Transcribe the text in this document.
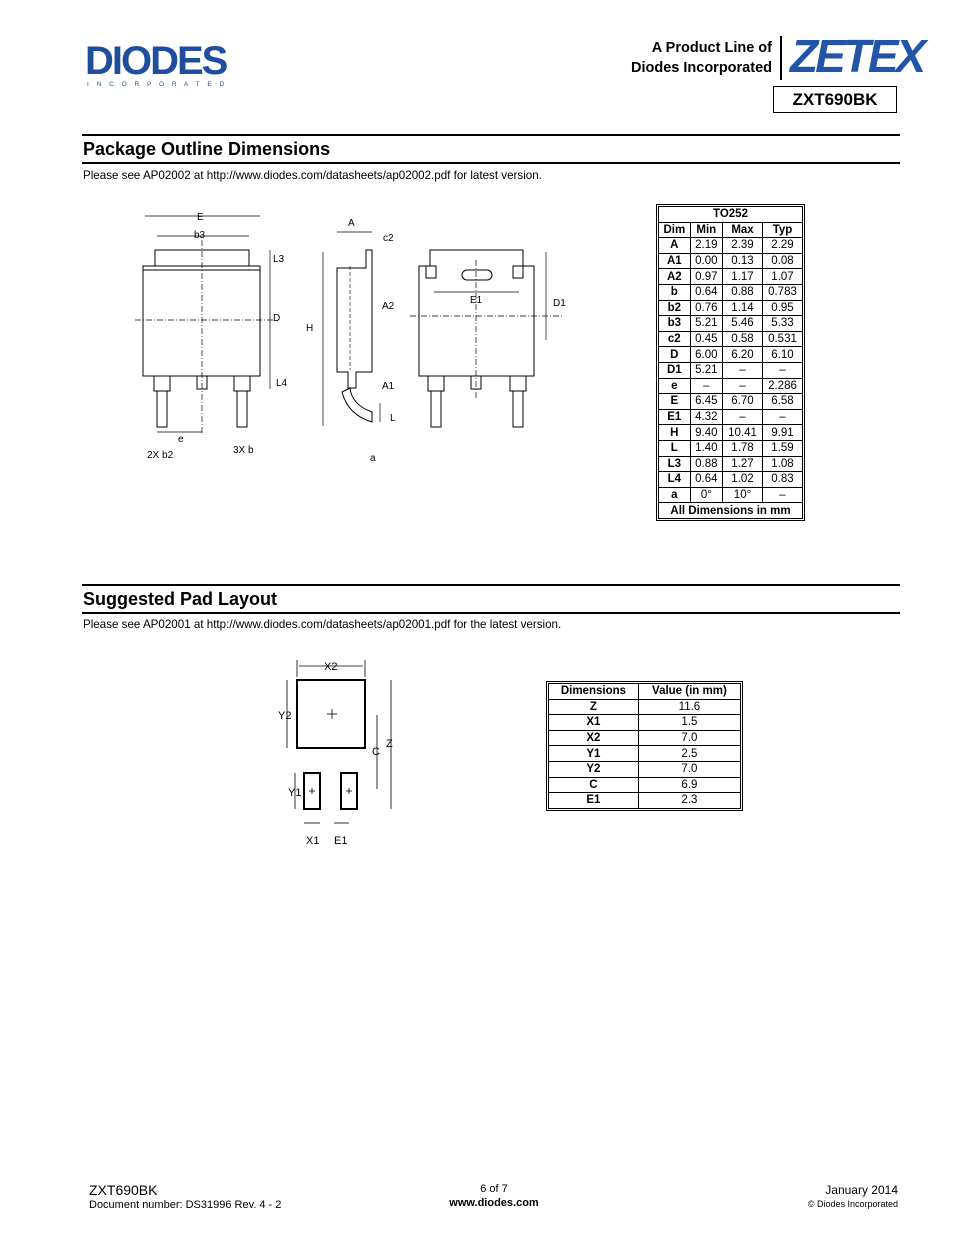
DIODES
I N C O R P O R A T E D
A Product Line of
Diodes Incorporated ZETEX
ZXT690BK
Package Outline Dimensions
Please see AP02002 at http://www.diodes.com/datasheets/ap02002.pdf for latest version.
E
b3
L3
D
L4
e
2X b2	3X b
A
c2
A2
H
A1
L
a
E1	D1
TO252			
Dim	Min	Max	Typ
A	2.19	2.39	2.29
A1	0.00	0.13	0.08
A2	0.97	1.17	1.07
b	0.64	0.88	0.783
b2	0.76	1.14	0.95
b3	5.21	5.46	5.33
c2	0.45	0.58	0.531
D	6.00	6.20	6.10
D1	5.21	–	–
e	–	–	2.286
E	6.45	6.70	6.58
E1	4.32	–	–
H	9.40	10.41	9.91
L	1.40	1.78	1.59
L3	0.88	1.27	1.08
L4	0.64	1.02	0.83
a	0°	10°	–
All Dimensions in mm			
Suggested Pad Layout
Please see AP02001 at http://www.diodes.com/datasheets/ap02001.pdf for the latest version.
X2
Y2
C
Z
Y1
X1 E1
Dimensions	Value (in mm)
Z	11.6
X1	1.5
X2	7.0
Y1	2.5
Y2	7.0
C	6.9
E1	2.3
ZXT690BK
Document number: DS31996 Rev. 4 - 2
6 of 7
www.diodes.com
January 2014
© Diodes Incorporated
